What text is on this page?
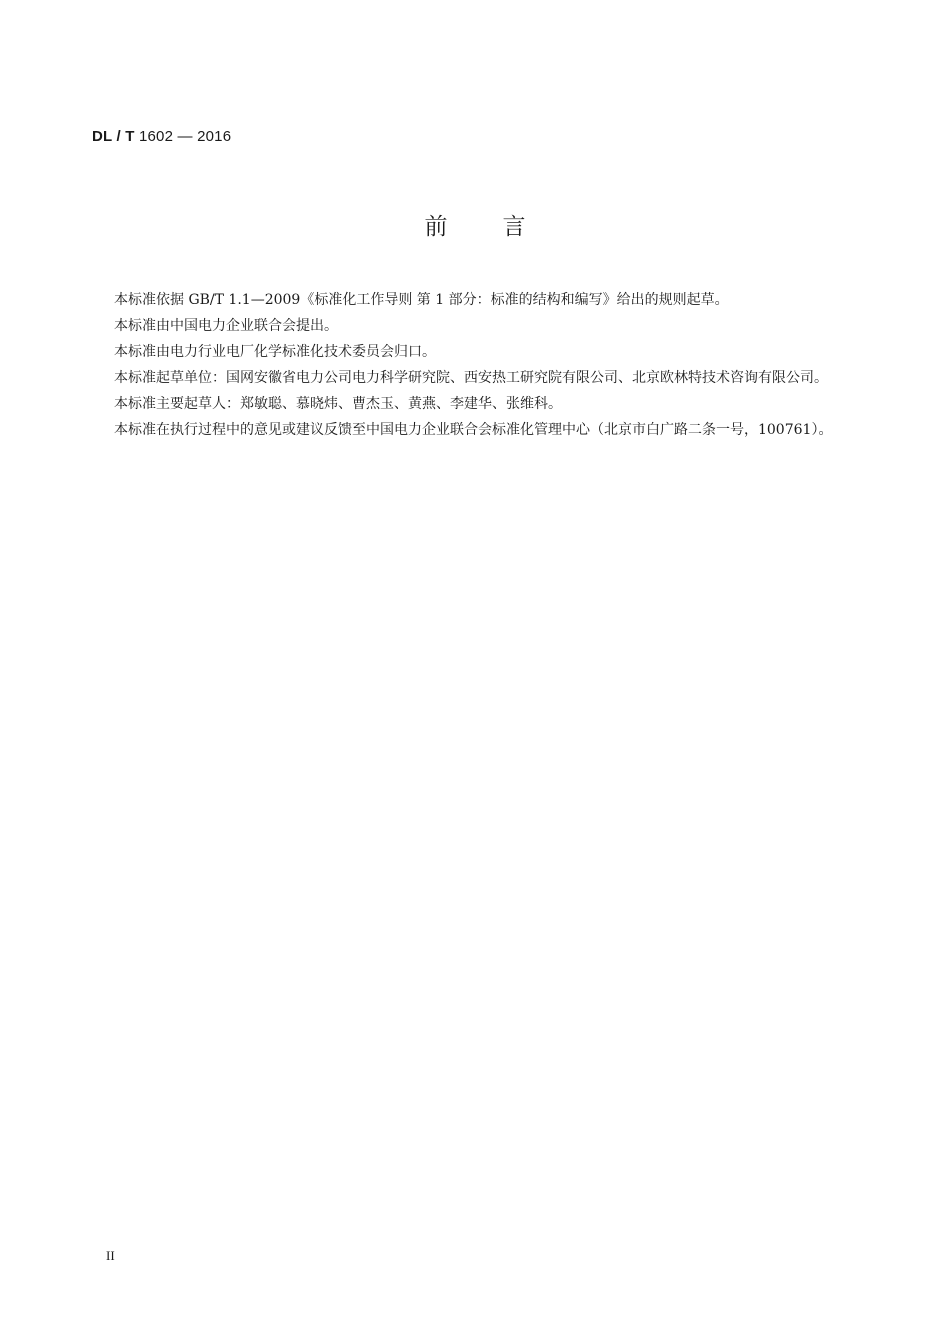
DL / T 1602 — 2016
前言

本标准依据 GB/T 1.1—2009《标准化工作导则 第 1 部分：标准的结构和编写》给出的规则起草。

本标准由中国电力企业联合会提出。

本标准由电力行业电厂化学标准化技术委员会归口。

本标准起草单位：国网安徽省电力公司电力科学研究院、西安热工研究院有限公司、北京欧林特技术咨询有限公司。

本标准主要起草人：郑敏聪、慕晓炜、曹杰玉、黄燕、李建华、张维科。

本标准在执行过程中的意见或建议反馈至中国电力企业联合会标准化管理中心（北京市白广路二条一号，100761）。

II
